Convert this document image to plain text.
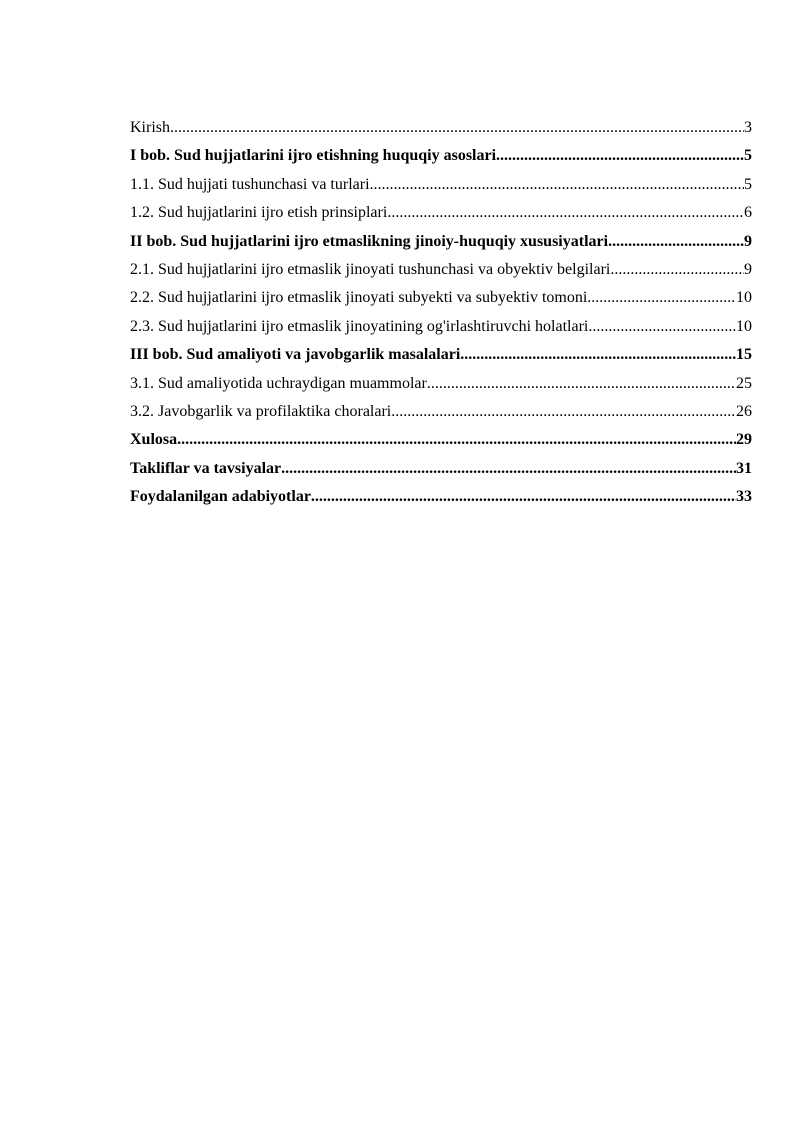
Kirish .....	3
I bob. Sud hujjatlarini ijro etishning huquqiy asoslari .....	5
1.1. Sud hujjati tushunchasi va turlari .....	5
1.2. Sud hujjatlarini ijro etish prinsiplari .....	6
II bob. Sud hujjatlarini ijro etmaslikning jinoiy-huquqiy xususiyatlari .....	9
2.1. Sud hujjatlarini ijro etmaslik jinoyati tushunchasi va obyektiv belgilari .....	9
2.2. Sud hujjatlarini ijro etmaslik jinoyati subyekti va subyektiv tomoni .....	10
2.3. Sud hujjatlarini ijro etmaslik jinoyatining og'irlashtiruvchi holatlari .....	10
III bob. Sud amaliyoti va javobgarlik masalalari .....	15
3.1. Sud amaliyotida uchraydigan muammolar .....	25
3.2. Javobgarlik va profilaktika choralari .....	26
Xulosa .....	29
Takliflar va tavsiyalar .....	31
Foydalanilgan adabiyotlar .....	33
